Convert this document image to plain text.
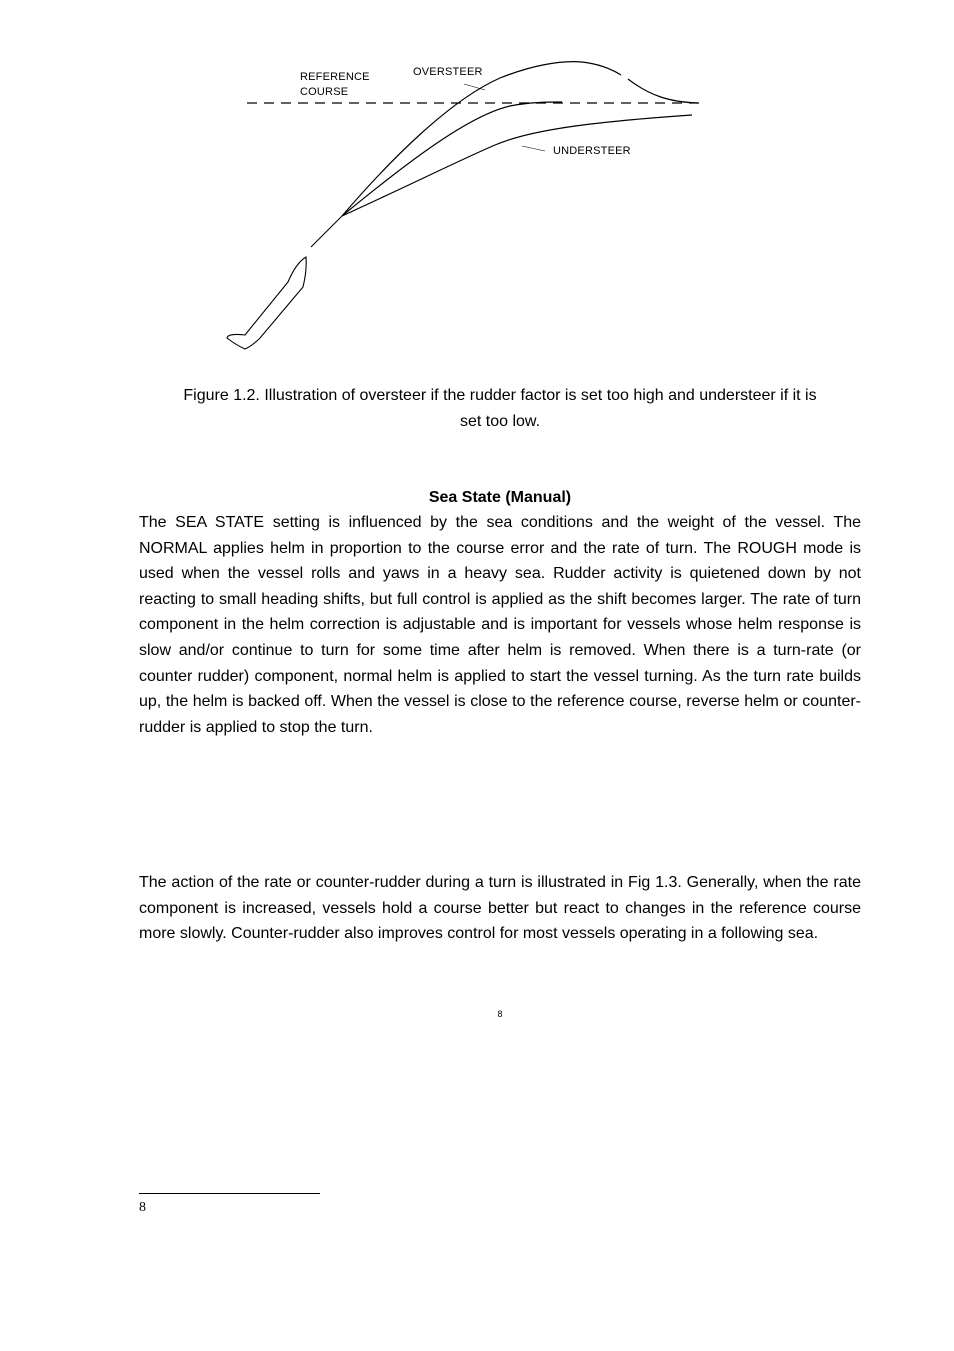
REFERENCE
COURSE
OVERSTEER
UNDERSTEER
Figure 1.2. Illustration of oversteer if the rudder factor is set too high and understeer if it is
set too low.
Sea State (Manual)

The SEA STATE setting is influenced by the sea conditions and the weight of the vessel. The NORMAL applies helm in proportion to the course error and the rate of turn. The ROUGH mode is used when the vessel rolls and yaws in a heavy sea. Rudder activity is quietened down by not reacting to small heading shifts, but full control is applied as the shift becomes larger. The rate of turn component in the helm correction is adjustable and is important for vessels whose helm response is slow and/or continue to turn for some time after helm is removed. When there is a turn-rate (or counter rudder) component, normal helm is applied to start the vessel turning. As the turn rate builds up, the helm is backed off. When the vessel is close to the reference course, reverse helm or counter-rudder is applied to stop the turn.

The action of the rate or counter-rudder during a turn is illustrated in Fig 1.3. Generally, when the rate component is increased, vessels hold a course better but react to changes in the reference course more slowly. Counter-rudder also improves control for most vessels operating in a following sea.

8
8
